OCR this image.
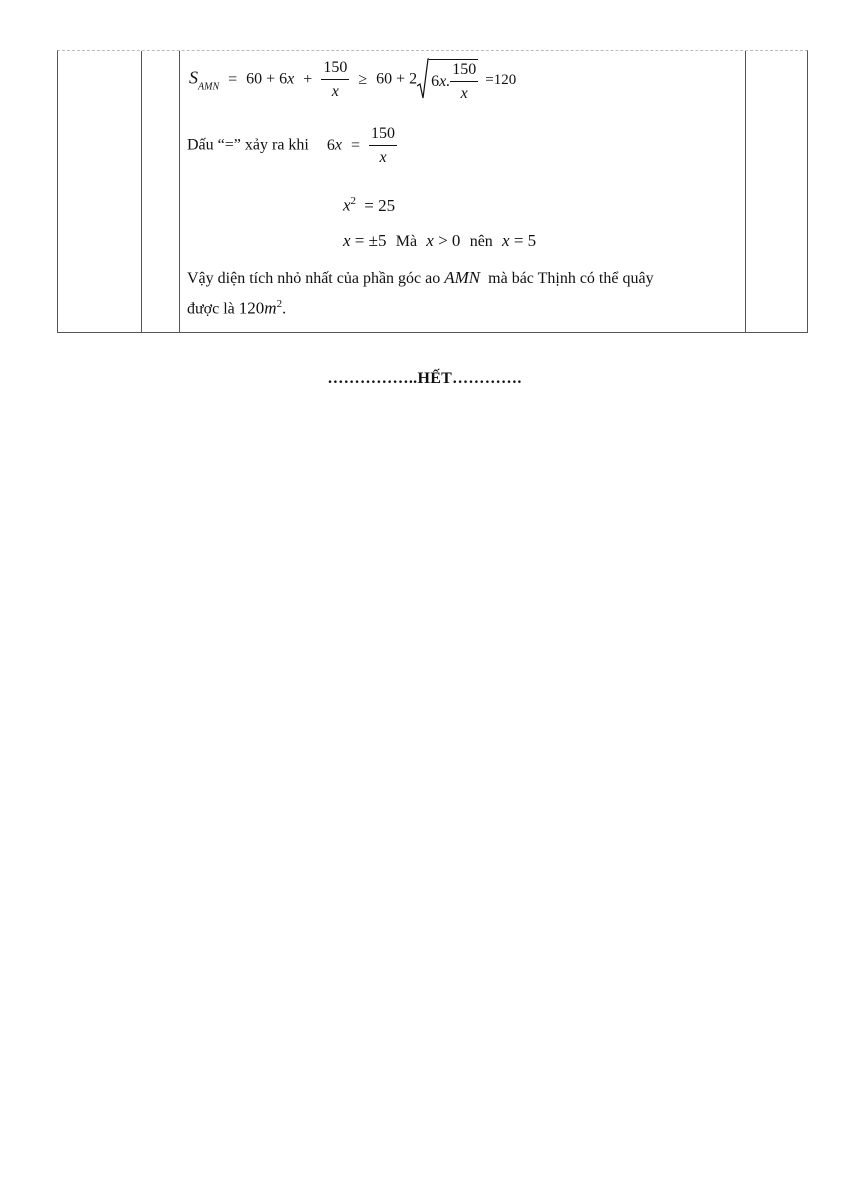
$S_{AMN} = 60 + 6x + \frac{150}{x} \ge 60 + 2$ 6 x. $\frac{150}{x} =120$
Dấu “=” xảy ra khi $6x = \frac{150}{x}$
$x^2 = 25$
x = ±5 Mà x > 0 nên x = 5
Vậy diện tích nhỏ nhất của phần góc ao AMN mà bác Thịnh có thể quây
được là $120m^2$.
……………..HẾT………….
